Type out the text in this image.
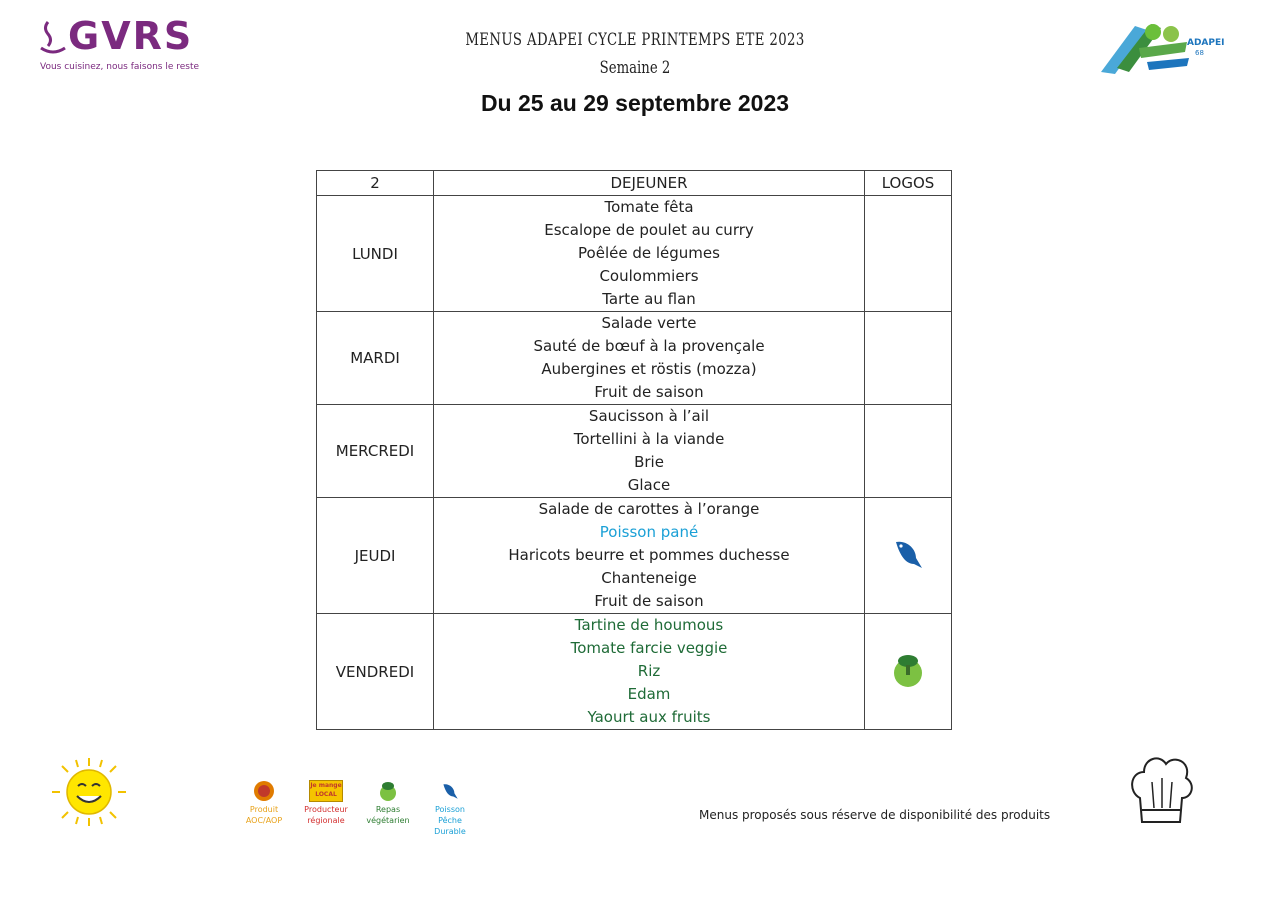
GVRS
Vous cuisinez, nous faisons le reste
ADAPEI
68
MENUS ADAPEI CYCLE PRINTEMPS ETE 2023
Semaine 2
Du 25 au 29 septembre 2023
2	DEJEUNER	LOGOS
LUNDI	Tomate fêta
Escalope de poulet au curry
Poêlée de légumes
Coulommiers
Tarte au flan	

MARDI	Salade verte
Sauté de bœuf à la provençale
Aubergines et röstis (mozza)
Fruit de saison	

MERCREDI	Saucisson à l’ail
Tortellini à la viande
Brie
Glace	

JEUDI	Salade de carottes à l’orange
Poisson pané
Haricots beurre et pommes duchesse
Chanteneige
Fruit de saison

VENDREDI	Tartine de houmous
Tomate farcie veggie
Riz
Edam
Yaourt aux fruits

Produit
AOC/AOP
Je mange
LOCAL
Producteur
régionale
Repas
végétarien
Poisson
Pêche
Durable
Menus proposés sous réserve de disponibilité des produits
